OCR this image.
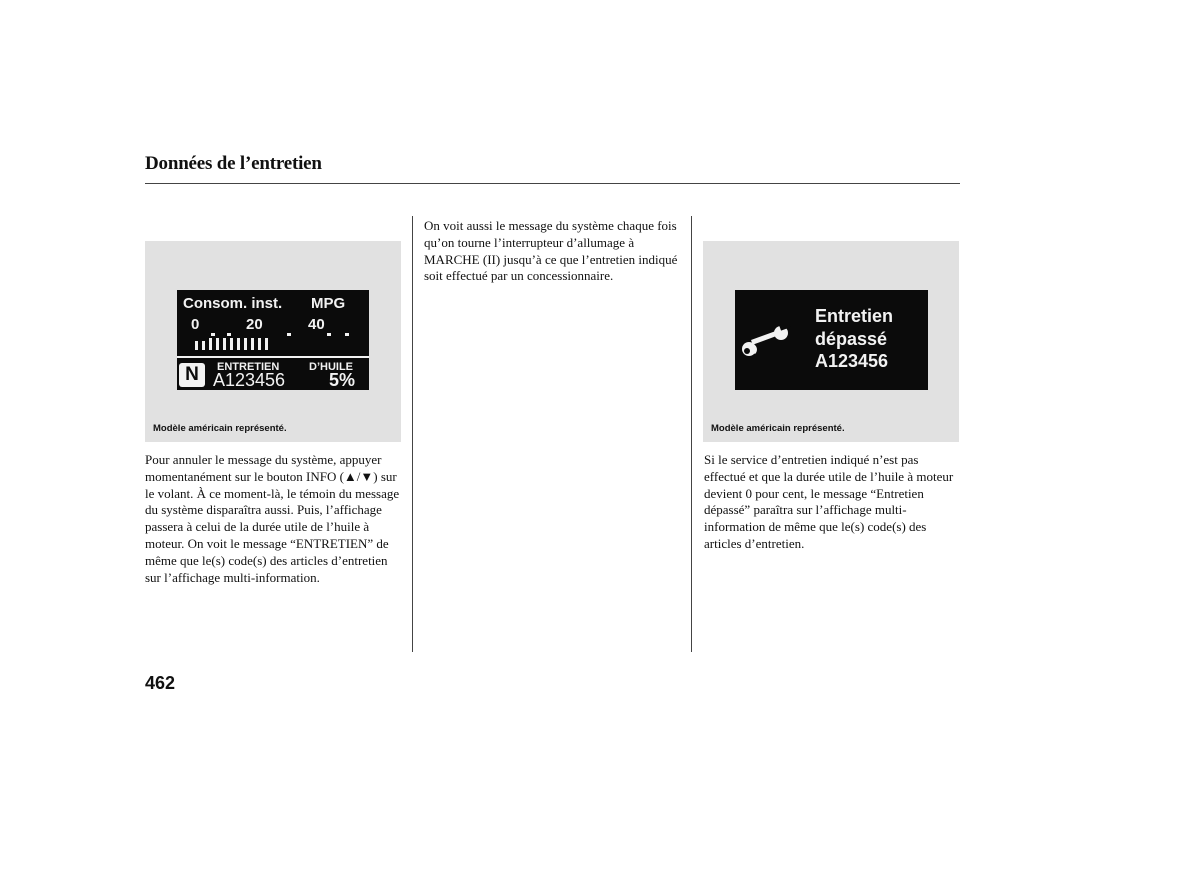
Données de l’entretien
Consom. inst. MPG
0	20	40
N	ENTRETIEN	D’HUILE
A123456 5%
Modèle américain représenté.
Entretien
dépassé
A123456
Modèle américain représenté.

Pour annuler le message du système, appuyer momentanément sur le bouton INFO (▲/▼) sur le volant. À ce moment-là, le témoin du message du système disparaîtra aussi. Puis, l’affichage passera à celui de la durée utile de l’huile à moteur. On voit le message “ENTRETIEN” de même que le(s) code(s) des articles d’entretien sur l’affichage multi-information.

On voit aussi le message du système chaque fois qu’on tourne l’interrupteur d’allumage à MARCHE (II) jusqu’à ce que l’entretien indiqué soit effectué par un concessionnaire.

Si le service d’entretien indiqué n’est pas effectué et que la durée utile de l’huile à moteur devient 0 pour cent, le message “Entretien dépassé” paraîtra sur l’affichage multi-information de même que le(s) code(s) des articles d’entretien.

462
